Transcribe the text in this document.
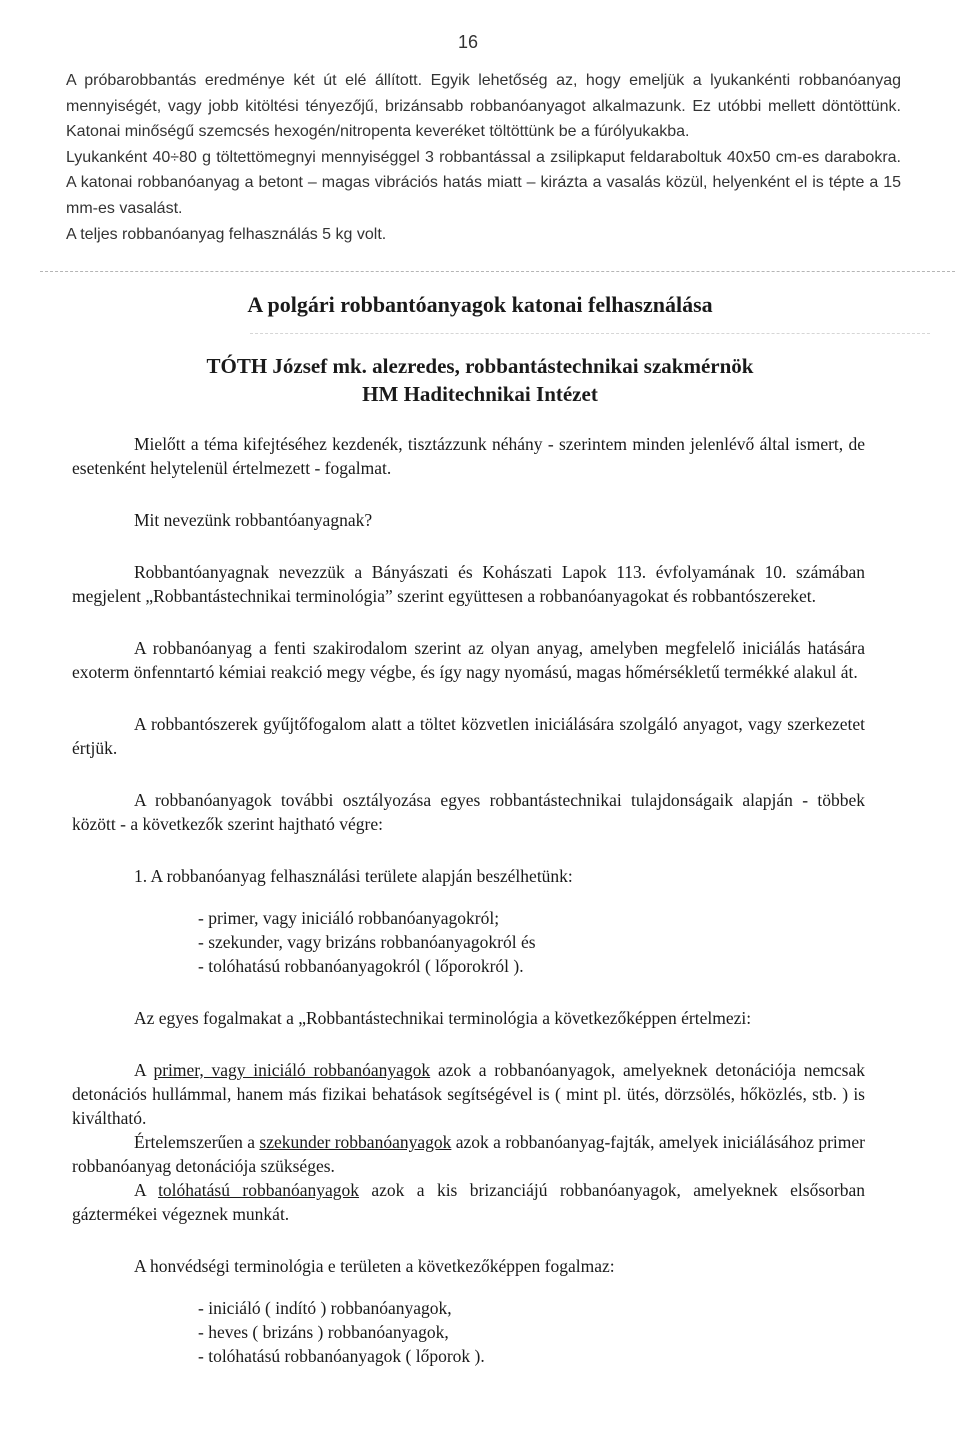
16

A próbarobbantás eredménye két út elé állított. Egyik lehetőség az, hogy emeljük a lyukankénti robbanóanyag mennyiségét, vagy jobb kitöltési tényezőjű, brizánsabb robbanóanyagot alkalmazunk. Ez utóbbi mellett döntöttünk. Katonai minőségű szemcsés hexogén/nitropenta keveréket töltöttünk be a fúrólyukakba.

Lyukanként 40÷80 g töltettömegnyi mennyiséggel 3 robbantással a zsilipkaput feldaraboltuk 40x50 cm-es darabokra. A katonai robbanóanyag a betont – magas vibrációs hatás miatt – kirázta a vasalás közül, helyenként el is tépte a 15 mm-es vasalást.

A teljes robbanóanyag felhasználás 5 kg volt.

A polgári robbantóanyagok katonai felhasználása
TÓTH József mk. alezredes, robbantástechnikai szakmérnök
HM Haditechnikai Intézet

Mielőtt a téma kifejtéséhez kezdenék, tisztázzunk néhány - szerintem minden jelenlévő által ismert, de esetenként helytelenül értelmezett - fogalmat.

Mit nevezünk robbantóanyagnak?

Robbantóanyagnak nevezzük a Bányászati és Kohászati Lapok 113. évfolyamának 10. számában megjelent „Robbantástechnikai terminológia” szerint együttesen a robbanóanyagokat és robbantószereket.

A robbanóanyag a fenti szakirodalom szerint az olyan anyag, amelyben megfelelő iniciálás hatására exoterm önfenntartó kémiai reakció megy végbe, és így nagy nyomású, magas hőmérsékletű termékké alakul át.

A robbantószerek gyűjtőfogalom alatt a töltet közvetlen iniciálására szolgáló anyagot, vagy szerkezetet értjük.

A robbanóanyagok további osztályozása egyes robbantástechnikai tulajdonságaik alapján - többek között - a következők szerint hajtható végre:

1. A robbanóanyag felhasználási területe alapján beszélhetünk:

- primer, vagy iniciáló robbanóanyagokról;
- szekunder, vagy brizáns robbanóanyagokról és
- tolóhatású robbanóanyagokról ( lőporokról ).

Az egyes fogalmakat a „Robbantástechnikai terminológia a következőképpen értelmezi:

A primer, vagy iniciáló robbanóanyagok azok a robbanóanyagok, amelyeknek detonációja nemcsak detonációs hullámmal, hanem más fizikai behatások segítségével is ( mint pl. ütés, dörzsölés, hőközlés, stb. ) is kiváltható.

Értelemszerűen a szekunder robbanóanyagok azok a robbanóanyag-fajták, amelyek iniciálásához primer robbanóanyag detonációja szükséges.

A tolóhatású robbanóanyagok azok a kis brizanciájú robbanóanyagok, amelyeknek elsősorban gáztermékei végeznek munkát.

A honvédségi terminológia e területen a következőképpen fogalmaz:

- iniciáló ( indító ) robbanóanyagok,
- heves ( brizáns ) robbanóanyagok,
- tolóhatású robbanóanyagok ( lőporok ).
